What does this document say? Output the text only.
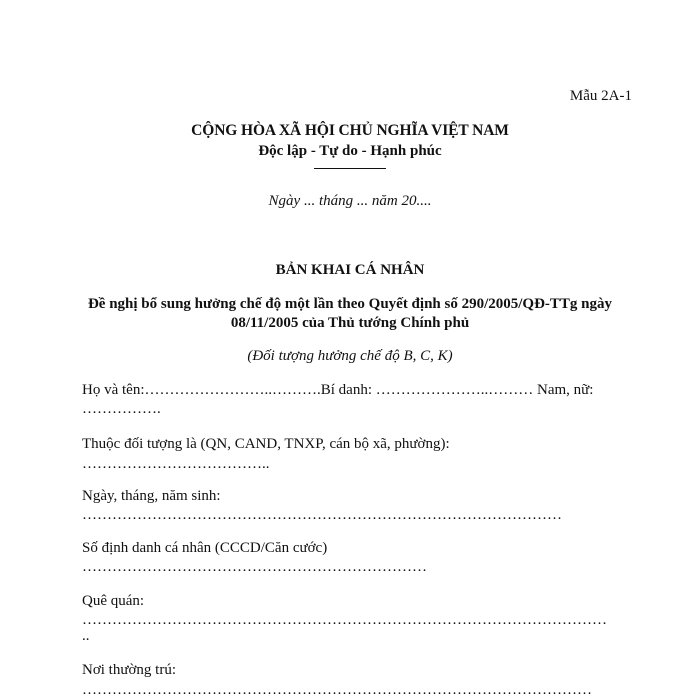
Mẫu 2A-1
CỘNG HÒA XÃ HỘI CHỦ NGHĨA VIỆT NAM
Độc lập - Tự do - Hạnh phúc
Ngày ... tháng ... năm 20....
BẢN KHAI CÁ NHÂN
Đề nghị bổ sung hưởng chế độ một lần theo Quyết định số 290/2005/QĐ-TTg ngày
08/11/2005 của Thủ tướng Chính phủ
(Đối tượng hưởng chế độ B, C, K)
Họ và tên:……………………..……….Bí danh: …………………..……… Nam, nữ:
…………….
Thuộc đối tượng là (QN, CAND, TNXP, cán bộ xã, phường):
………………………………..
Ngày, tháng, năm sinh:
……………………………………………………………………………………
Số định danh cá nhân (CCCD/Căn cước)
……………………………………………………………
Quê quán:
……………………………………………………………………………………………
..
Nơi thường trú:
…………………………………………………………………………………………
